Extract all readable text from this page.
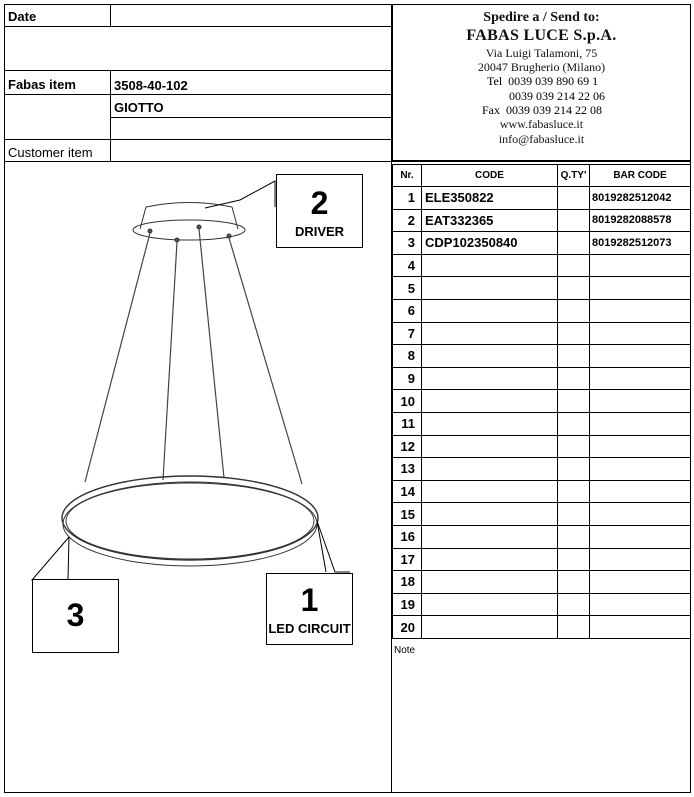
Date
Fabas item	3508-40-102
GIOTTO
Customer item
Spedire a / Send to:
FABAS LUCE S.p.A.
Via Luigi Talamoni, 75
20047 Brugherio (Milano)
Tel 0039 039 890 69 1
0039 039 214 22 06
Fax 0039 039 214 22 08
www.fabasluce.it
info@fabasluce.it
Nr.	CODE	Q.TY'	BAR CODE
1	ELE350822		8019282512042
2	EAT332365		8019282088578
3	CDP102350840		8019282512073
4			
5			
6			
7			
8			
9			
10			
11			
12			
13			
14			
15			
16			
17			
18			
19			
20			
Note
2
DRIVER
1
LED CIRCUIT
3
